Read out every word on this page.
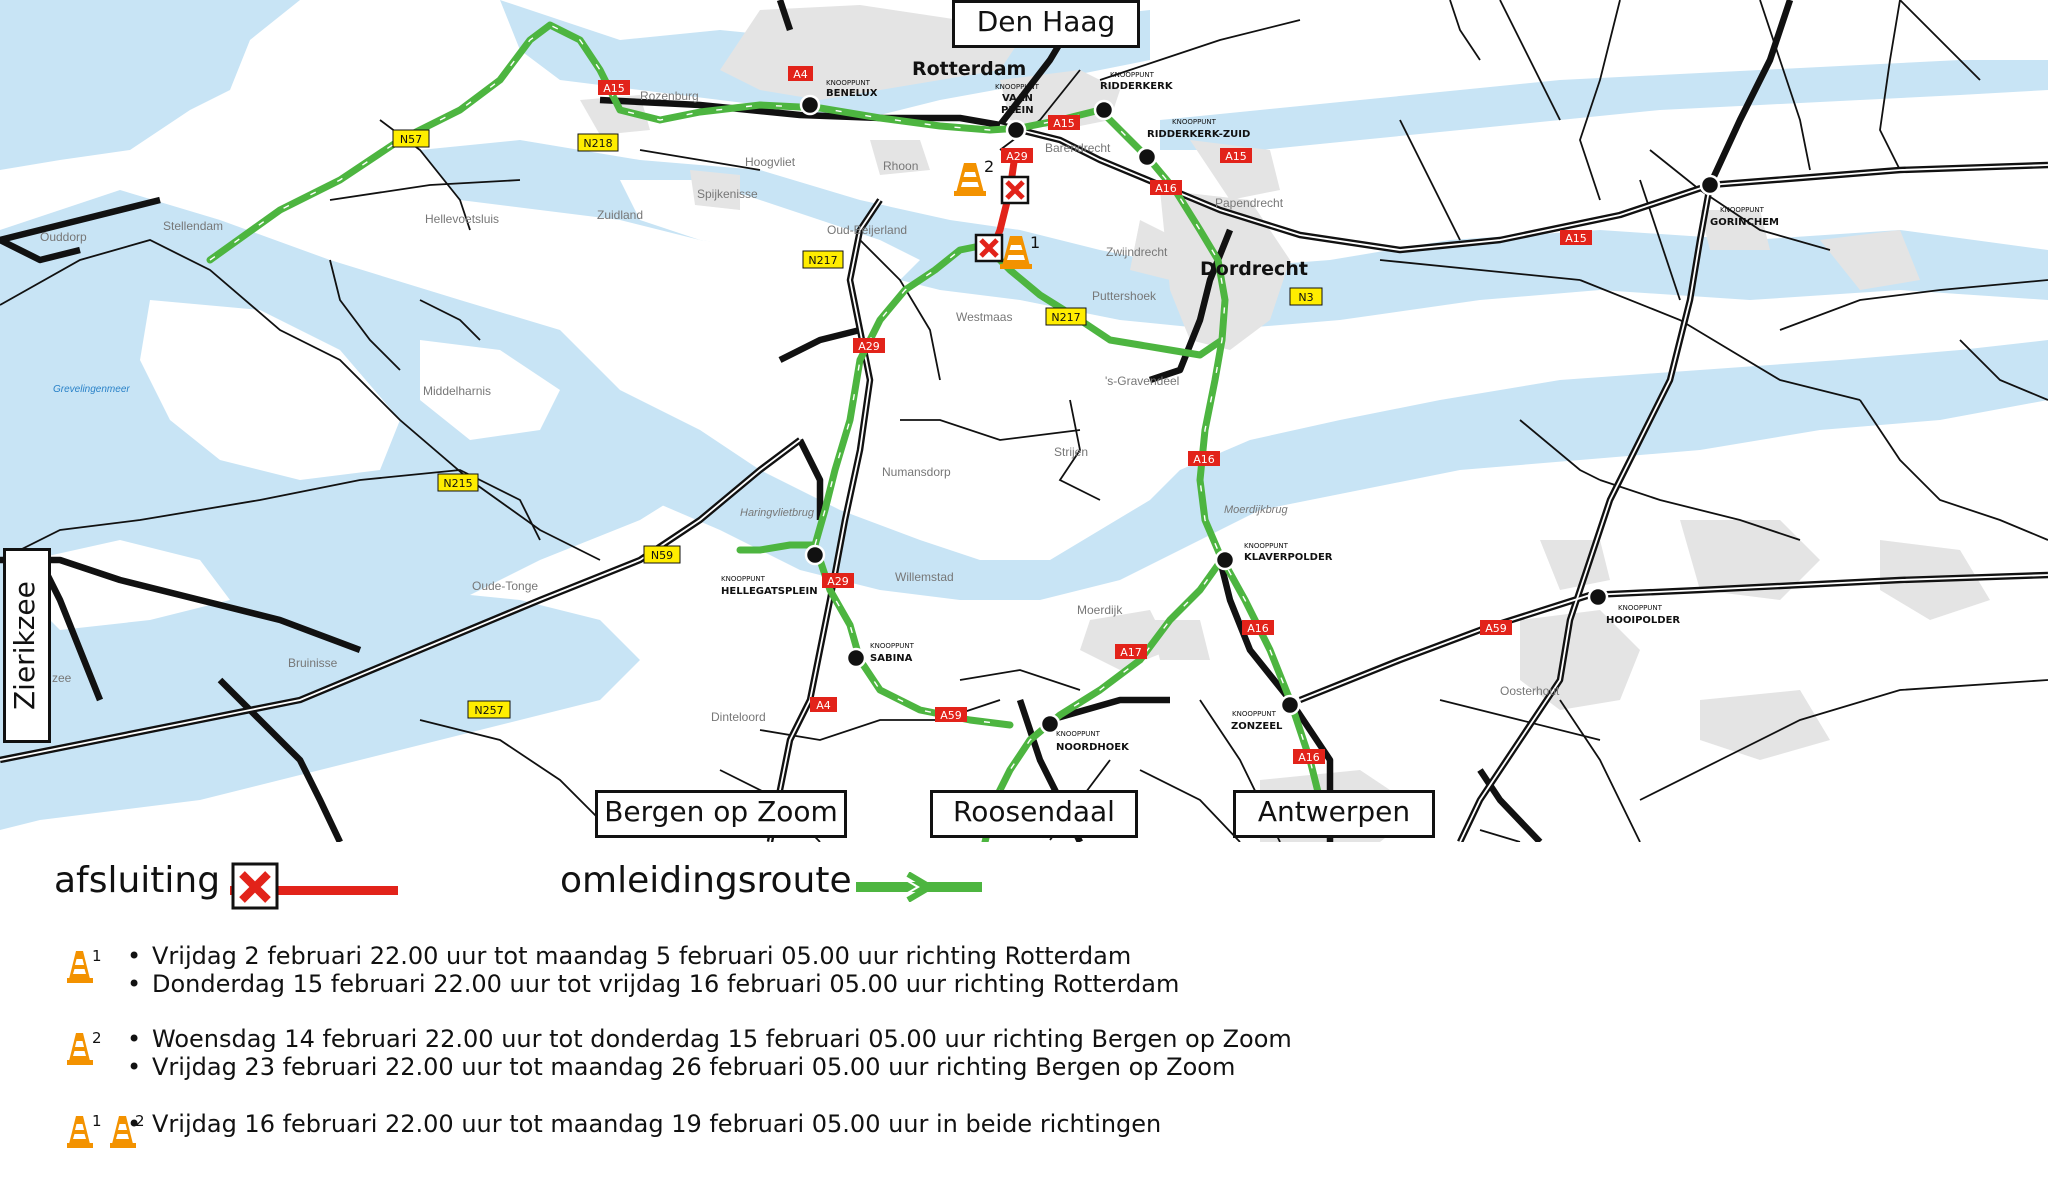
A15
A4
A15
A29	A15
A16
A15
A29
A16
A29
A17
A16	A59
A4
A59
A16
N57	N218
N217
N217
N3
N215
N59
N257
2
1
Rotterdam
Dordrecht
Rozenburg
Hoogvliet	Rhoon
Barendrecht
Spijkenisse
Papendrecht
Oud-Beijerland
Zwijndrecht
Puttershoek
Westmaas
's-Gravendeel
Zuidland
Hellevoetsluis
Stellendam
Ouddorp
Middelharnis
Numansdorp
Strijen
Oude-Tonge
Bruinisse
Willemstad
Moerdijk
Dinteloord
Oosterhout
zee
Haringvlietbrug	Moerdijkbrug
Grevelingenmeer
KNOOPPUNT
BENELUX
KNOOPPUNT
VAAN
PLEIN
KNOOPPUNT
RIDDERKERK
KNOOPPUNT
RIDDERKERK-ZUID
KNOOPPUNT
GORINCHEM
KNOOPPUNT
KLAVERPOLDER
KNOOPPUNT
HELLEGATSPLEIN
KNOOPPUNT
SABINA
KNOOPPUNT
NOORDHOEK
KNOOPPUNT
ZONZEEL
KNOOPPUNT
HOOIPOLDER
Den Haag
Zierikzee
Bergen op Zoom	Roosendaal	Antwerpen
afsluiting	omleidingsroute
1 • Vrijdag 2 februari 22.00 uur tot maandag 5 februari 05.00 uur richting Rotterdam
• Donderdag 15 februari 22.00 uur tot vrijdag 16 februari 05.00 uur richting Rotterdam
2 • Woensdag 14 februari 22.00 uur tot donderdag 15 februari 05.00 uur richting Bergen op Zoom
• Vrijdag 23 februari 22.00 uur tot maandag 26 februari 05.00 uur richting Bergen op Zoom
1 2 • Vrijdag 16 februari 22.00 uur tot maandag 19 februari 05.00 uur in beide richtingen
